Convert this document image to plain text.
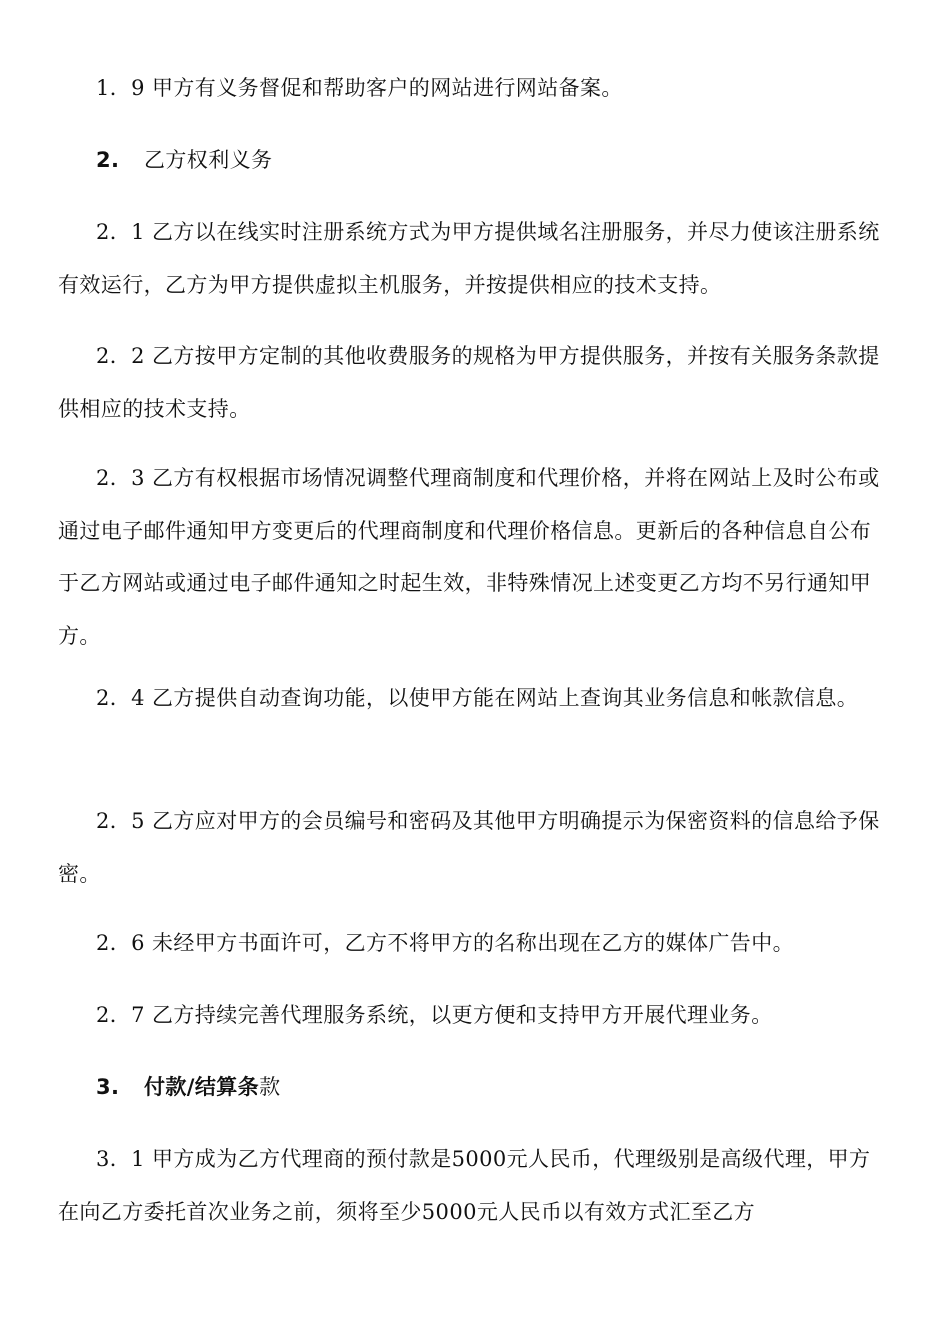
1．9 甲方有义务督促和帮助客户的网站进行网站备案。

2. 乙方权利义务

2．1 乙方以在线实时注册系统方式为甲方提供域名注册服务，并尽力使该注册系统有效运行，乙方为甲方提供虚拟主机服务，并按提供相应的技术支持。

2．2 乙方按甲方定制的其他收费服务的规格为甲方提供服务，并按有关服务条款提供相应的技术支持。

2．3 乙方有权根据市场情况调整代理商制度和代理价格，并将在网站上及时公布或通过电子邮件通知甲方变更后的代理商制度和代理价格信息。更新后的各种信息自公布于乙方网站或通过电子邮件通知之时起生效，非特殊情况上述变更乙方均不另行通知甲方。

2．4 乙方提供自动查询功能，以使甲方能在网站上查询其业务信息和帐款信息。

2．5 乙方应对甲方的会员编号和密码及其他甲方明确提示为保密资料的信息给予保密。

2．6 未经甲方书面许可，乙方不将甲方的名称出现在乙方的媒体广告中。

2．7 乙方持续完善代理服务系统，以更方便和支持甲方开展代理业务。

3. 付款/结算条款

3．1 甲方成为乙方代理商的预付款是5000元人民币，代理级别是高级代理，甲方在向乙方委托首次业务之前，须将至少5000元人民币以有效方式汇至乙方
